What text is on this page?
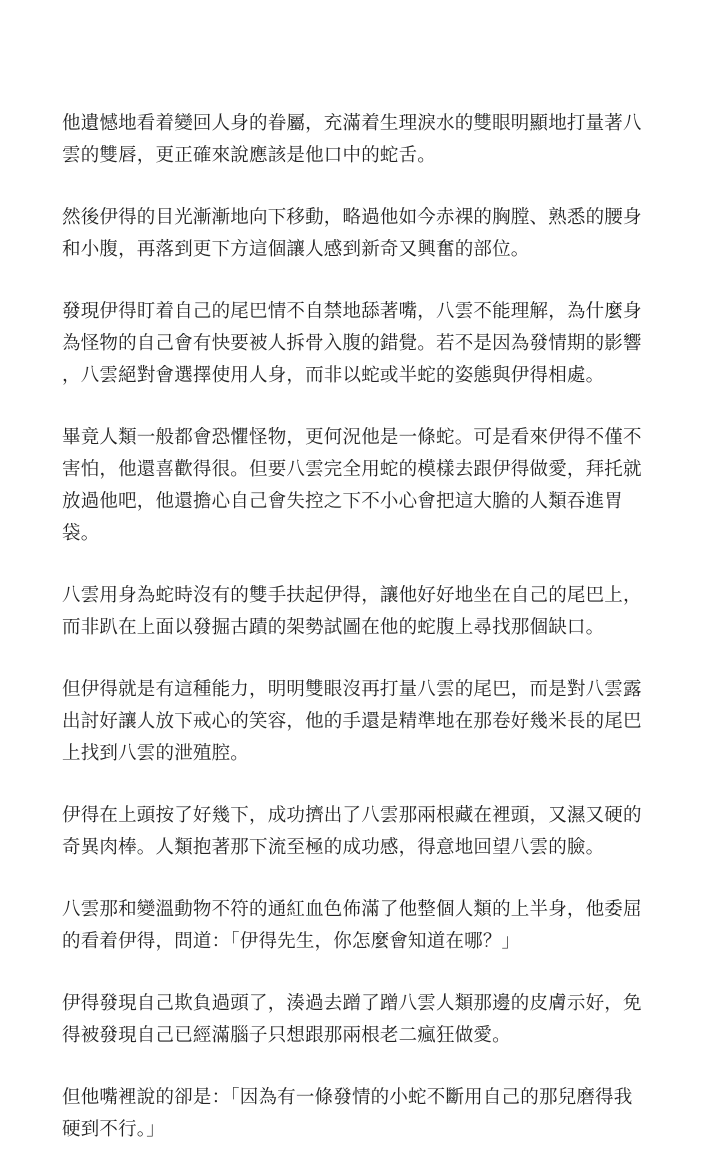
他遺憾地看着變回人身的眷屬，充滿着生理淚水的雙眼明顯地打量著八
雲的雙唇，更正確來說應該是他口中的蛇舌。

然後伊得的目光漸漸地向下移動，略過他如今赤裸的胸膛、熟悉的腰身
和小腹，再落到更下方這個讓人感到新奇又興奮的部位。

發現伊得盯着自己的尾巴情不自禁地舔著嘴，八雲不能理解，為什麼身
為怪物的自己會有快要被人拆骨入腹的錯覺。若不是因為發情期的影響
，八雲絕對會選擇使用人身，而非以蛇或半蛇的姿態與伊得相處。

畢竟人類一般都會恐懼怪物，更何況他是一條蛇。可是看來伊得不僅不
害怕，他還喜歡得很。但要八雲完全用蛇的模樣去跟伊得做愛，拜托就
放過他吧，他還擔心自己會失控之下不小心會把這大膽的人類吞進胃
袋。

八雲用身為蛇時沒有的雙手扶起伊得，讓他好好地坐在自己的尾巴上，
而非趴在上面以發掘古蹟的架勢試圖在他的蛇腹上尋找那個缺口。

但伊得就是有這種能力，明明雙眼沒再打量八雲的尾巴，而是對八雲露
出討好讓人放下戒心的笑容，他的手還是精準地在那卷好幾米長的尾巴
上找到八雲的泄殖腔。

伊得在上頭按了好幾下，成功擠出了八雲那兩根藏在裡頭，又濕又硬的
奇異肉棒。人類抱著那下流至極的成功感，得意地回望八雲的臉。

八雲那和變溫動物不符的通紅血色佈滿了他整個人類的上半身，他委屈
的看着伊得，問道：「伊得先生，你怎麼會知道在哪？」

伊得發現自己欺負過頭了，湊過去蹭了蹭八雲人類那邊的皮膚示好，免
得被發現自己已經滿腦子只想跟那兩根老二瘋狂做愛。

但他嘴裡說的卻是：「因為有一條發情的小蛇不斷用自己的那兒磨得我
硬到不行。」
